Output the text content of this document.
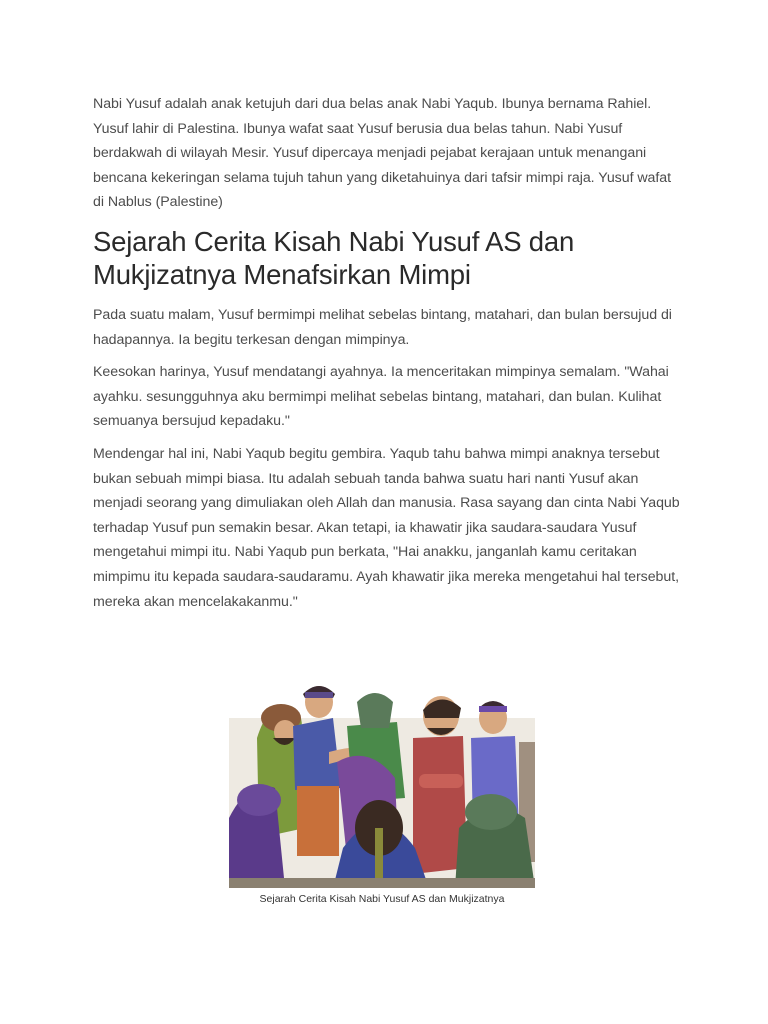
Nabi Yusuf adalah anak ketujuh dari dua belas anak Nabi Yaqub. Ibunya bernama Rahiel. Yusuf lahir di Palestina. Ibunya wafat saat Yusuf berusia dua belas tahun. Nabi Yusuf berdakwah di wilayah Mesir. Yusuf dipercaya menjadi pejabat kerajaan untuk menangani bencana kekeringan selama tujuh tahun yang diketahuinya dari tafsir mimpi raja. Yusuf wafat di Nablus (Palestine)

Sejarah Cerita Kisah Nabi Yusuf AS dan Mukjizatnya Menafsirkan Mimpi

Pada suatu malam, Yusuf bermimpi melihat sebelas bintang, matahari, dan bulan bersujud di hadapannya. Ia begitu terkesan dengan mimpinya.

Keesokan harinya, Yusuf mendatangi ayahnya. Ia menceritakan mimpinya semalam. "Wahai ayahku. sesungguhnya aku bermimpi melihat sebelas bintang, matahari, dan bulan. Kulihat semuanya bersujud kepadaku."

Mendengar hal ini, Nabi Yaqub begitu gembira. Yaqub tahu bahwa mimpi anaknya tersebut bukan sebuah mimpi biasa. Itu adalah sebuah tanda bahwa suatu hari nanti Yusuf akan menjadi seorang yang dimuliakan oleh Allah dan manusia. Rasa sayang dan cinta Nabi Yaqub terhadap Yusuf pun semakin besar. Akan tetapi, ia khawatir jika saudara-saudara Yusuf mengetahui mimpi itu. Nabi Yaqub pun berkata, "Hai anakku, janganlah kamu ceritakan mimpimu itu kepada saudara-saudaramu. Ayah khawatir jika mereka mengetahui hal tersebut, mereka akan mencelakakanmu."

Sejarah Cerita Kisah Nabi Yusuf AS dan Mukjizatnya
